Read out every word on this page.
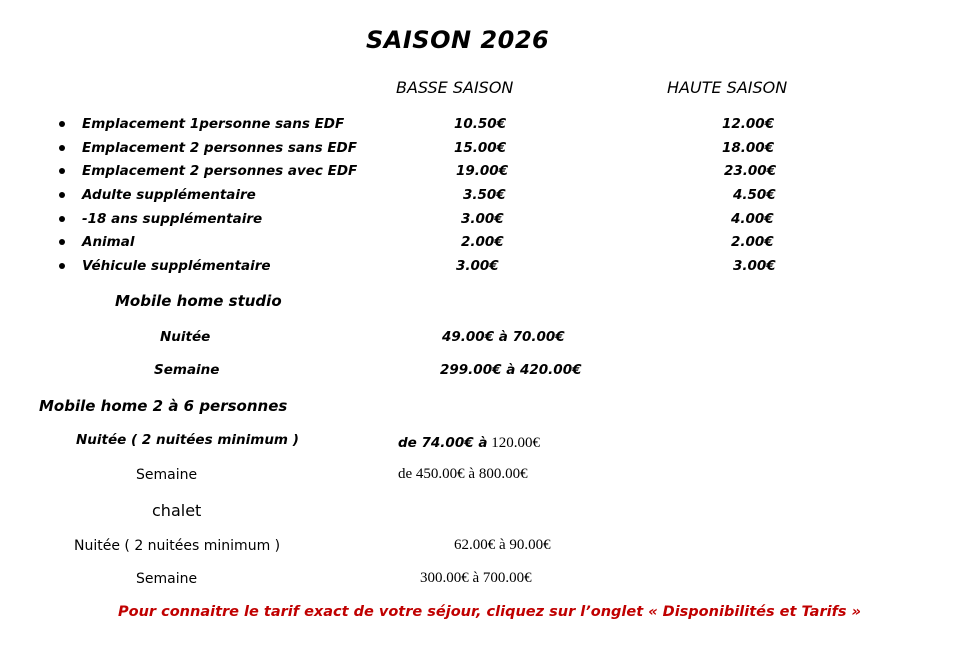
SAISON 2026
BASSE SAISON	HAUTE SAISON
Emplacement 1personne sans EDF	10.50€	12.00€
Emplacement 2 personnes sans EDF	15.00€	18.00€
Emplacement 2 personnes avec EDF	19.00€	23.00€
Adulte supplémentaire	3.50€	4.50€
-18 ans supplémentaire	3.00€	4.00€
Animal	2.00€	2.00€
Véhicule supplémentaire	3.00€	3.00€
Mobile home studio
Nuitée	49.00€ à 70.00€
Semaine	299.00€ à 420.00€
Mobile home 2 à 6 personnes
Nuitée ( 2 nuitées minimum )	de 74.00€ à 120.00€
Semaine	de 450.00€ à 800.00€
chalet
Nuitée ( 2 nuitées minimum )	62.00€ à 90.00€
Semaine	300.00€ à 700.00€
Pour connaitre le tarif exact de votre séjour, cliquez sur l’onglet « Disponibilités et Tarifs »
